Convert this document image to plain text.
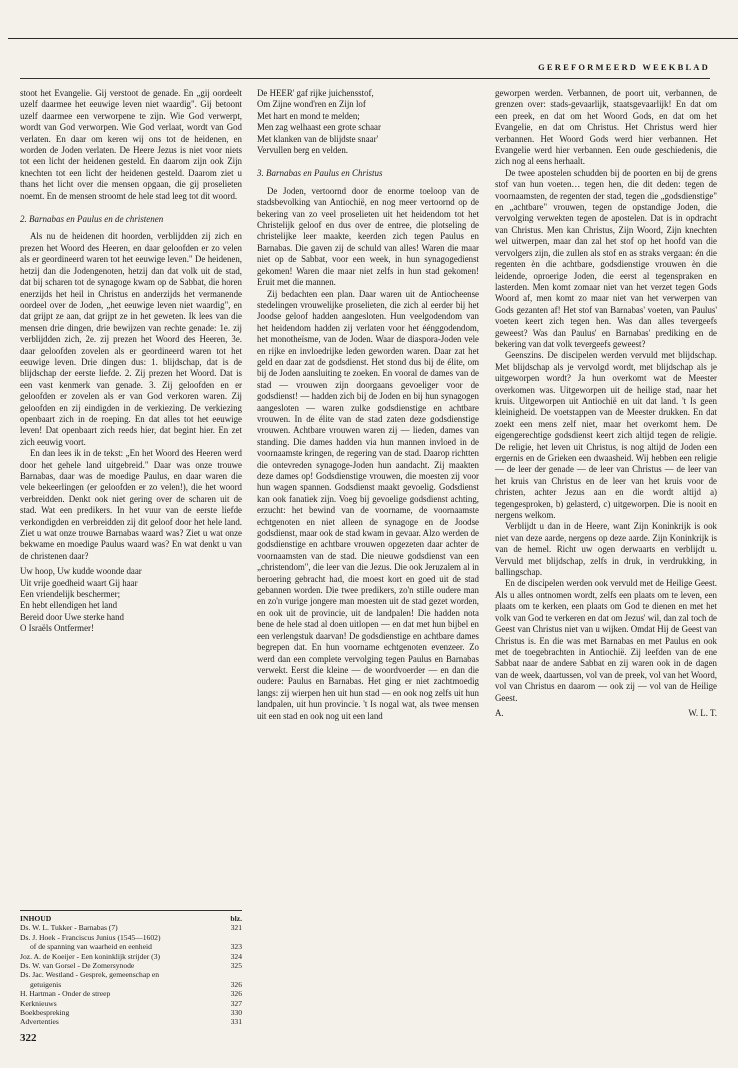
GEREFORMEERD WEEKBLAD

stoot het Evangelie. Gij verstoot de genade. En „gij oordeelt uzelf daarmee het eeuwige leven niet waardig". Gij betoont uzelf daarmee een verworpene te zijn. Wie God verwerpt, wordt van God verworpen. Wie God verlaat, wordt van God verlaten. En daar om keren wij ons tot de heidenen, en worden de Joden verlaten. De Heere Jezus is niet voor niets tot een licht der heidenen gesteld. En daarom zijn ook Zijn knechten tot een licht der heidenen gesteld. Daarom ziet u thans het licht over die mensen opgaan, die gij proselieten noemt. En de mensen stroomt de hele stad leeg tot dit woord.

2. Barnabas en Paulus en de christenen

Als nu de heidenen dit hoorden, verblijdden zij zich en prezen het Woord des Heeren, en daar geloofden er zo velen als er geordineerd waren tot het eeuwige leven." De heidenen, hetzij dan die Jodengenoten, hetzij dan dat volk uit de stad, dat bij scharen tot de synagoge kwam op de Sabbat, die horen enerzijds het heil in Christus en anderzijds het vermanende oordeel over de Joden, „het eeuwige leven niet waardig", en dat grijpt ze aan, dat grijpt ze in het geweten. Ik lees van die mensen drie dingen, drie bewijzen van rechte genade: 1e. zij verblijdden zich, 2e. zij prezen het Woord des Heeren, 3e. daar geloofden zovelen als er geordineerd waren tot het eeuwige leven. Drie dingen dus: 1. blijdschap, dat is de blijdschap der eerste liefde. 2. Zij prezen het Woord. Dat is een vast kenmerk van genade. 3. Zij geloofden en er geloofden er zovelen als er van God verkoren waren. Zij geloofden en zij eindigden in de verkiezing. De verkiezing openbaart zich in de roeping. En dat alles tot het eeuwige leven! Dat openbaart zich reeds hier, dat begint hier. En zet zich eeuwig voort.

En dan lees ik in de tekst: „En het Woord des Heeren werd door het gehele land uitgebreid." Daar was onze trouwe Barnabas, daar was de moedige Paulus, en daar waren die vele bekeerlingen (er geloofden er zo velen!), die het woord verbreidden. Denkt ook niet gering over de scharen uit de stad. Wat een predikers. In het vuur van de eerste liefde verkondigden en verbreidden zij dit geloof door het hele land. Ziet u wat onze trouwe Barnabas waard was? Ziet u wat onze bekwame en moedige Paulus waard was? En wat denkt u van de christenen daar?

Uw hoop, Uw kudde woonde daar
Uit vrije goedheid waart Gij haar
Een vriendelijk beschermer;
En hebt ellendigen het land
Bereid door Uwe sterke hand
O Israëls Ontfermer!
De HEER' gaf rijke juichensstof,
Om Zijne wond'ren en Zijn lof
Met hart en mond te melden;
Men zag welhaast een grote schaar
Met klanken van de blijdste snaar'
Vervullen berg en velden.
3. Barnabas en Paulus en Christus

De Joden, vertoornd door de enorme toeloop van de stadsbevolking van Antiochië, en nog meer vertoornd op de bekering van zo veel proselieten uit het heidendom tot het Christelijk geloof en dus over de entree, die plotseling de christelijke leer maakte, keerden zich tegen Paulus en Barnabas. Die gaven zij de schuld van alles! Waren die maar niet op de Sabbat, voor een week, in hun synagogedienst gekomen! Waren die maar niet zelfs in hun stad gekomen! Eruit met die mannen.

Zij bedachten een plan. Daar waren uit de Antiocheense stedelingen vrouwelijke proselieten, die zich al eerder bij het Joodse geloof hadden aangesloten. Hun veelgodendom van het heidendom hadden zij verlaten voor het éénggodendom, het monotheïsme, van de Joden. Waar de diaspora-Joden vele en rijke en invloedrijke leden geworden waren. Daar zat het geld en daar zat de godsdienst. Het stond dus bij de élite, om bij de Joden aansluiting te zoeken. En vooral de dames van de stad — vrouwen zijn doorgaans gevoeliger voor de godsdienst! — hadden zich bij de Joden en bij hun synagogen aangesloten — waren zulke godsdienstige en achtbare vrouwen. In de élite van de stad zaten deze godsdienstige vrouwen. Achtbare vrouwen waren zij — lieden, dames van standing. Die dames hadden via hun mannen invloed in de voornaamste kringen, de regering van de stad. Daarop richtten die ontevreden synagoge-Joden hun aandacht. Zij maakten deze dames op! Godsdienstige vrouwen, die moesten zij voor hun wagen spannen. Godsdienst maakt gevoelig. Godsdienst kan ook fanatiek zijn. Voeg bij gevoelige godsdienst achting, erzucht: het bewind van de voorname, de voornaamste echtgenoten en niet alleen de synagoge en de Joodse godsdienst, maar ook de stad kwam in gevaar. Alzo werden de godsdienstige en achtbare vrouwen opgezeten daar achter de voornaamsten van de stad. Die nieuwe godsdienst van een „christendom", die leer van die Jezus. Die ook Jeruzalem al in beroering gebracht had, die moest kort en goed uit de stad gebannen worden. Die twee predikers, zo'n stille oudere man en zo'n vurige jongere man moesten uit de stad gezet worden, en ook uit de provincie, uit de landpalen! Die hadden nota bene de hele stad al doen uitlopen — en dat met hun bijbel en een verlengstuk daarvan! De godsdienstige en achtbare dames begrepen dat. En hun voorname echtgenoten evenzeer. Zo werd dan een complete vervolging tegen Paulus en Barnabas verwekt. Eerst die kleine — de woordvoerder — en dan die oudere: Paulus en Barnabas. Het ging er niet zachtmoedig langs: zij wierpen hen uit hun stad — en ook nog zelfs uit hun landpalen, uit hun provincie. 't Is nogal wat, als twee mensen uit een stad en ook nog uit een land

geworpen werden. Verbannen, de poort uit, verbannen, de grenzen over: stads-gevaarlijk, staatsgevaarlijk! En dat om een preek, en dat om het Woord Gods, en dat om het Evangelie, en dat om Christus. Het Christus werd hier verbannen. Het Woord Gods werd hier verbannen. Het Evangelie werd hier verbannen. Een oude geschiedenis, die zich nog al eens herhaalt.

De twee apostelen schudden bij de poorten en bij de grens stof van hun voeten… tegen hen, die dit deden: tegen de voornaamsten, de regenten der stad, tegen die „godsdienstige" en „achtbare" vrouwen, tegen de opstandige Joden, die vervolging verwekten tegen de apostelen. Dat is in opdracht van Christus. Men kan Christus, Zijn Woord, Zijn knechten wel uitwerpen, maar dan zal het stof op het hoofd van die vervolgers zijn, die zullen als stof en as straks vergaan: én die regenten èn die achtbare, godsdienstige vrouwen èn die leidende, oproerige Joden, die eerst al tegenspraken en lasterden. Men komt zomaar niet van het verzet tegen Gods Woord af, men komt zo maar niet van het verwerpen van Gods gezanten af! Het stof van Barnabas' voeten, van Paulus' voeten keert zich tegen hen. Was dan alles tevergeefs geweest? Was dan Paulus' en Barnabas' prediking en de bekering van dat volk tevergeefs geweest?

Geenszins. De discipelen werden vervuld met blijdschap. Met blijdschap als je vervolgd wordt, met blijdschap als je uitgeworpen wordt? Ja hun overkomt wat de Meester overkomen was. Uitgeworpen uit de heilige stad, naar het kruis. Uitgeworpen uit Antiochië en uit dat land. 't Is geen kleinigheid. De voetstappen van de Meester drukken. En dat zoekt een mens zelf niet, maar het overkomt hem. De eigengerechtige godsdienst keert zich altijd tegen de religie. De religie, het leven uit Christus, is nog altijd de Joden een ergernis en de Grieken een dwaasheid. Wij hebben een religie — de leer der genade — de leer van Christus — de leer van het kruis van Christus en de leer van het kruis voor de christen, achter Jezus aan en die wordt altijd a) tegengesproken, b) gelasterd, c) uitgeworpen. Die is nooit en nergens welkom.

Verblijdt u dan in de Heere, want Zijn Koninkrijk is ook niet van deze aarde, nergens op deze aarde. Zijn Koninkrijk is van de hemel. Richt uw ogen derwaarts en verblijdt u. Vervuld met blijdschap, zelfs in druk, in verdrukking, in ballingschap.

En de discipelen werden ook vervuld met de Heilige Geest. Als u alles ontnomen wordt, zelfs een plaats om te leven, een plaats om te kerken, een plaats om God te dienen en met het volk van God te verkeren en dat om Jezus' wil, dan zal toch de Geest van Christus niet van u wijken. Omdat Hij de Geest van Christus is. En die was met Barnabas en met Paulus en ook met de toegebrachten in Antiochië. Zij leefden van de ene Sabbat naar de andere Sabbat en zij waren ook in de dagen van de week, daartussen, vol van de preek, vol van het Woord, vol van Christus en daarom — ook zij — vol van de Heilige Geest.

A.	W. L. T.
INHOUD	blz.
Ds. W. L. Tukker - Barnabas (7)	321
Ds. J. Hoek - Franciscus Junius (1545—1602)
of de spanning van waarheid en eenheid	323
Joz. A. de Koeijer - Een koninklijk strijder (3)	324
Ds. W. van Gorsel - De Zomersynode	325
Ds. Jac. Westland - Gesprek, gemeenschap en
getuigenis	326
H. Hartman - Onder de streep	326
Kerknieuws	327
Boekbespreking	330
Advertenties	331
322
